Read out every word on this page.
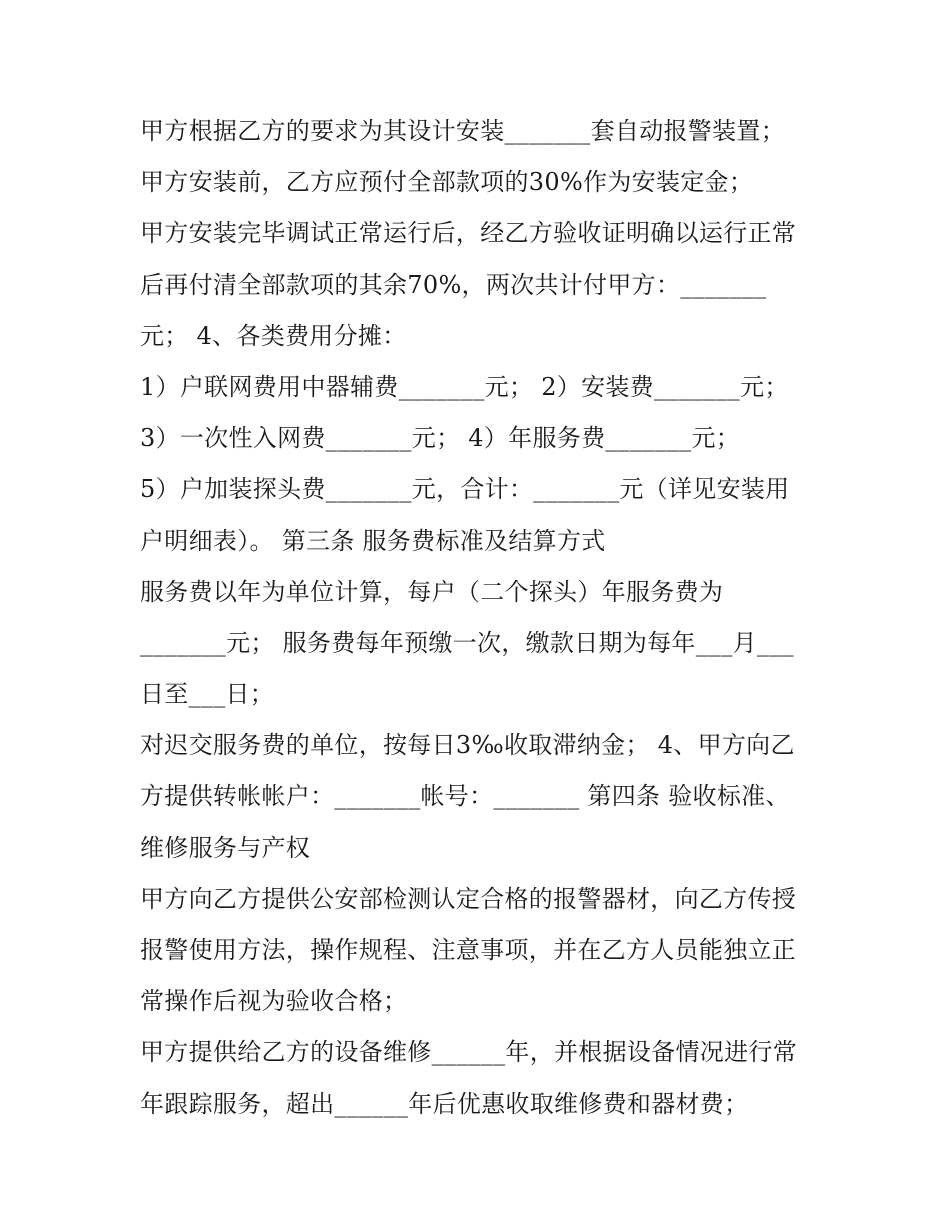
甲方根据乙方的要求为其设计安装_______套自动报警装置；
甲方安装前，乙方应预付全部款项的30%作为安装定金；
甲方安装完毕调试正常运行后，经乙方验收证明确以运行正常
后再付清全部款项的其余70%，两次共计付甲方：_______
元； 4、各类费用分摊：
1）户联网费用中器辅费_______元； 2）安装费_______元；
3）一次性入网费_______元； 4）年服务费_______元；
5）户加装探头费_______元，合计：_______元（详见安装用
户明细表）。 第三条 服务费标准及结算方式
服务费以年为单位计算，每户（二个探头）年服务费为
_______元； 服务费每年预缴一次，缴款日期为每年___月___
日至___日；
对迟交服务费的单位，按每日3‰收取滞纳金； 4、甲方向乙
方提供转帐帐户：_______帐号：_______ 第四条 验收标准、
维修服务与产权
甲方向乙方提供公安部检测认定合格的报警器材，向乙方传授
报警使用方法，操作规程、注意事项，并在乙方人员能独立正
常操作后视为验收合格；
甲方提供给乙方的设备维修______年，并根据设备情况进行常
年跟踪服务，超出______年后优惠收取维修费和器材费；
